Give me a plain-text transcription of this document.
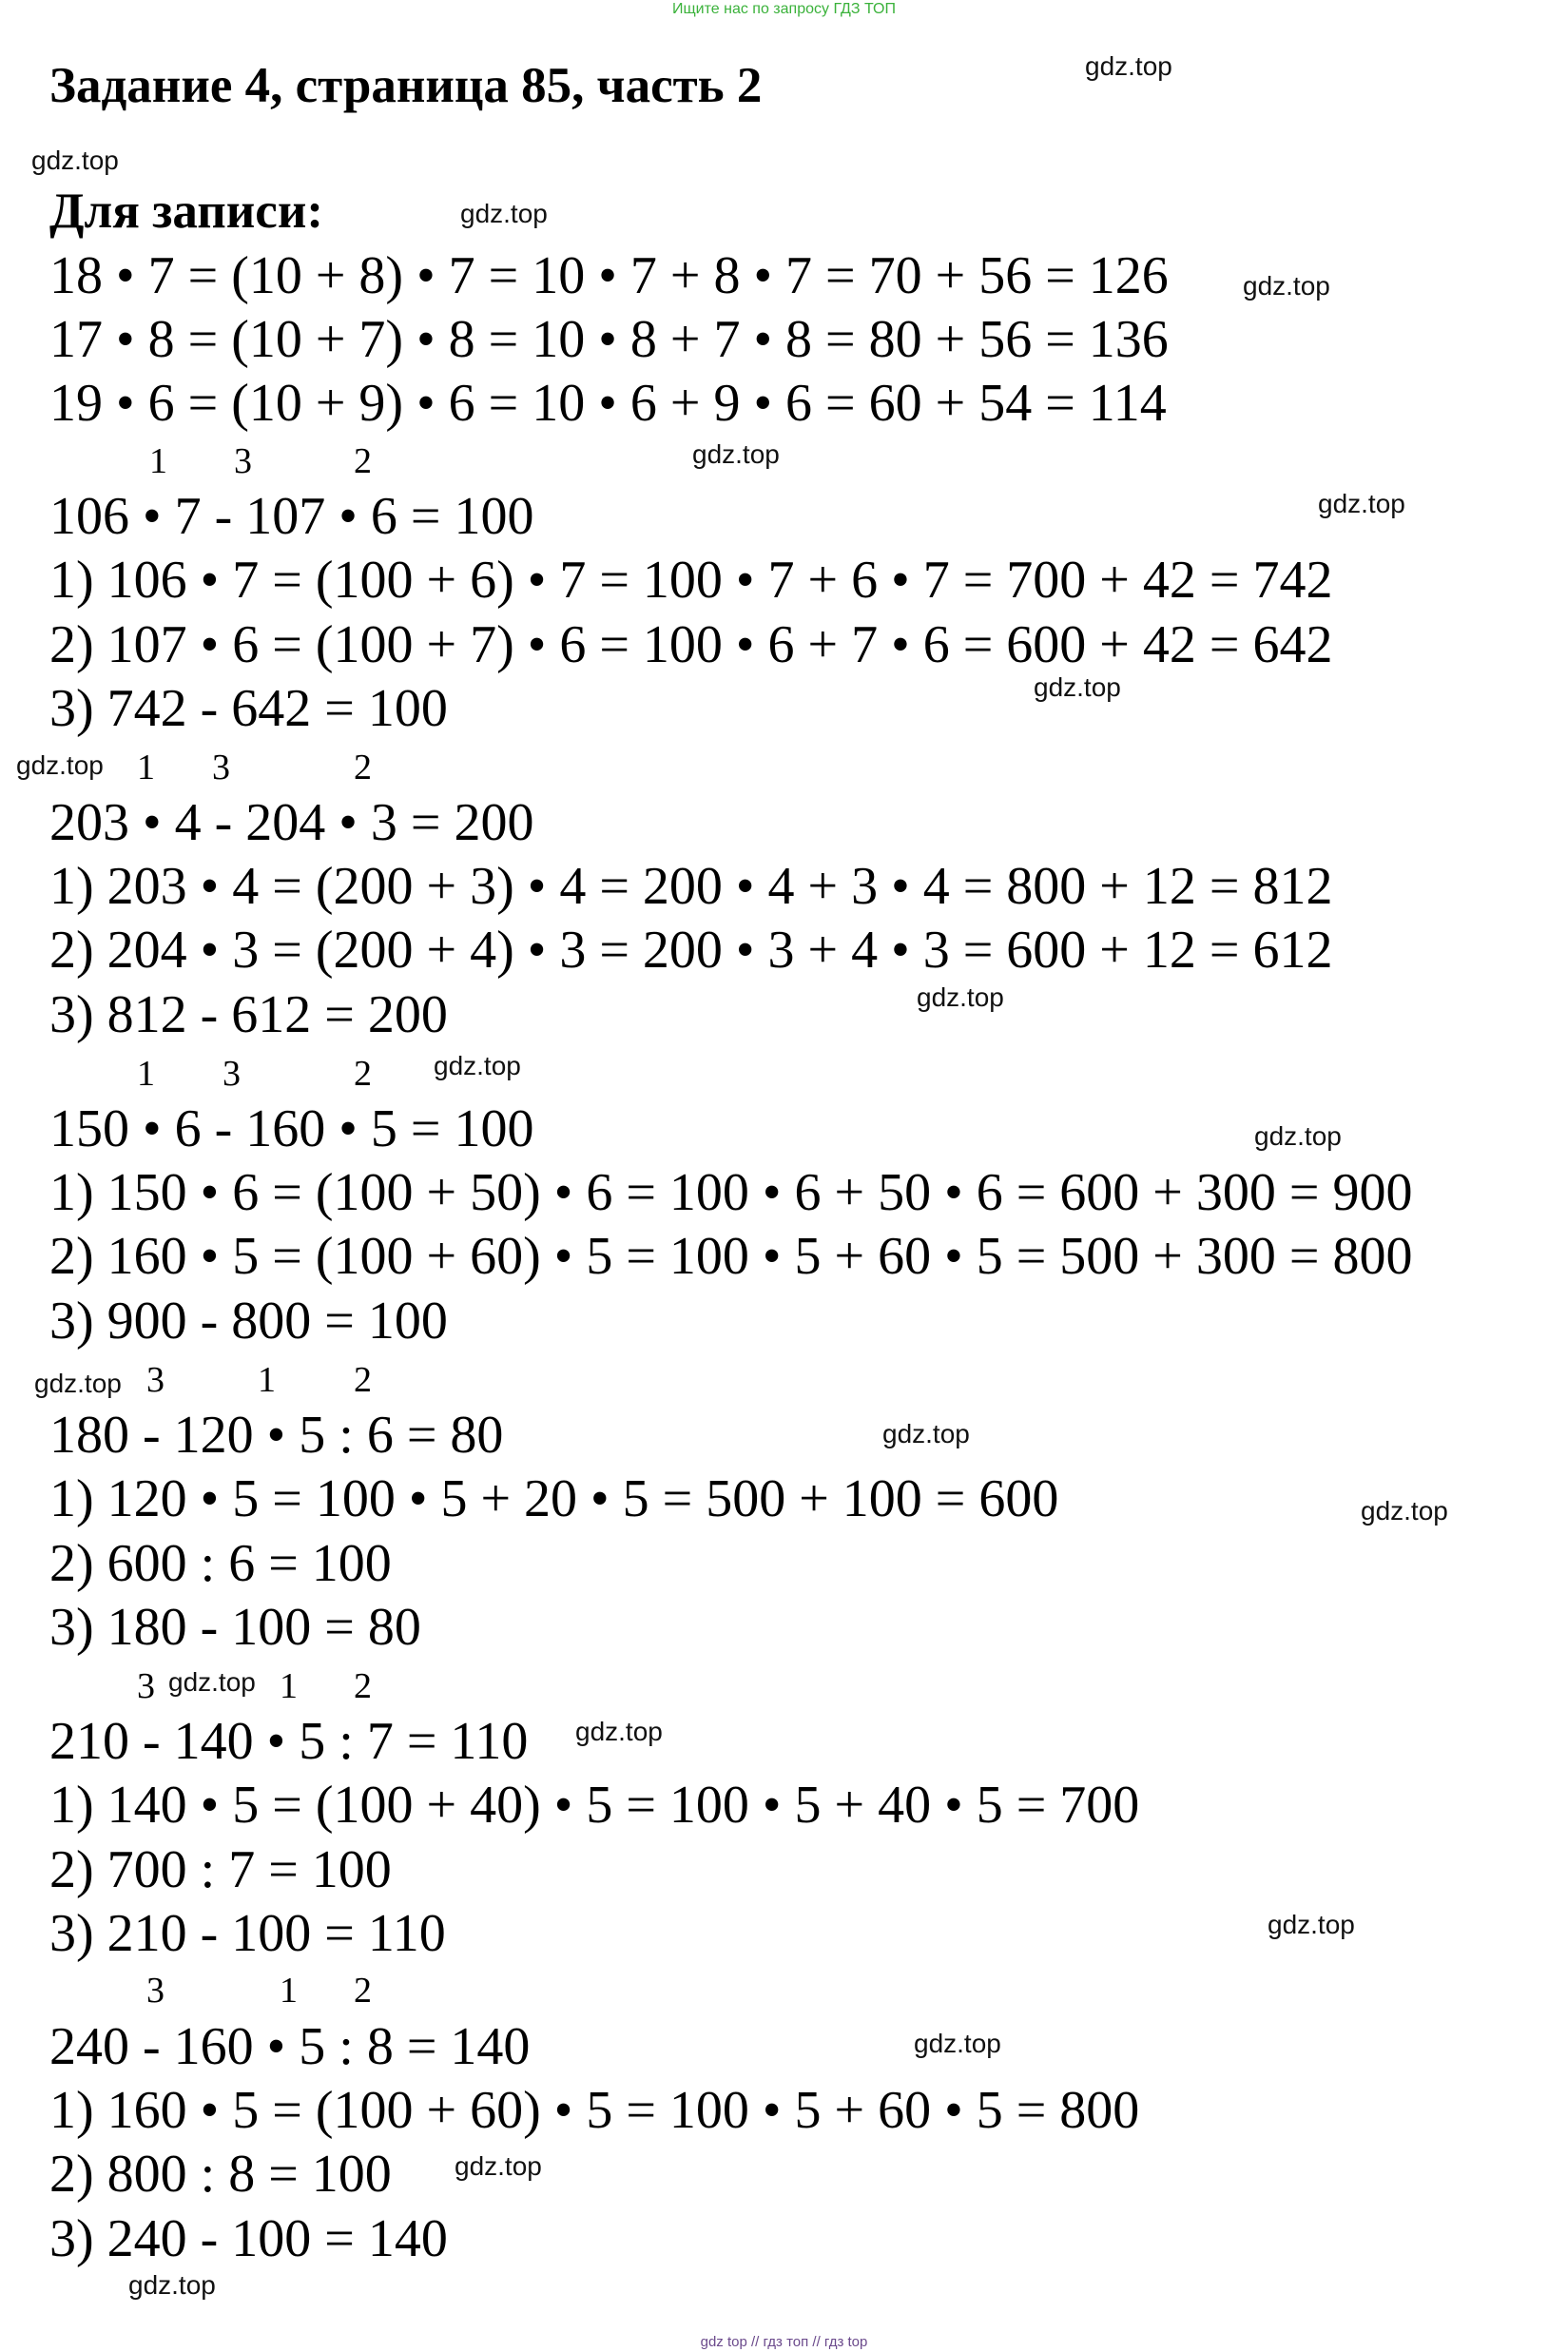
Ищите нас по запросу ГДЗ ТОП
Задание 4, страница 85, часть 2
Для записи:
18 • 7 = (10 + 8) • 7 = 10 • 7 + 8 • 7 = 70 + 56 = 126
17 • 8 = (10 + 7) • 8 = 10 • 8 + 7 • 8 = 80 + 56 = 136
19 • 6 = (10 + 9) • 6 = 10 • 6 + 9 • 6 = 60 + 54 = 114
1 3	2
106 • 7 - 107 • 6 = 100
1) 106 • 7 = (100 + 6) • 7 = 100 • 7 + 6 • 7 = 700 + 42 = 742
2) 107 • 6 = (100 + 7) • 6 = 100 • 6 + 7 • 6 = 600 + 42 = 642
3) 742 - 642 = 100
1 3	2
203 • 4 - 204 • 3 = 200
1) 203 • 4 = (200 + 3) • 4 = 200 • 4 + 3 • 4 = 800 + 12 = 812
2) 204 • 3 = (200 + 4) • 3 = 200 • 3 + 4 • 3 = 600 + 12 = 612
3) 812 - 612 = 200
1 3	2
150 • 6 - 160 • 5 = 100
1) 150 • 6 = (100 + 50) • 6 = 100 • 6 + 50 • 6 = 600 + 300 = 900
2) 160 • 5 = (100 + 60) • 5 = 100 • 5 + 60 • 5 = 500 + 300 = 800
3) 900 - 800 = 100
3	1 2
180 - 120 • 5 : 6 = 80
1) 120 • 5 = 100 • 5 + 20 • 5 = 500 + 100 = 600
2) 600 : 6 = 100
3) 180 - 100 = 80
3	1 2
210 - 140 • 5 : 7 = 110
1) 140 • 5 = (100 + 40) • 5 = 100 • 5 + 40 • 5 = 700
2) 700 : 7 = 100
3) 210 - 100 = 110
3	1 2
240 - 160 • 5 : 8 = 140
1) 160 • 5 = (100 + 60) • 5 = 100 • 5 + 60 • 5 = 800
2) 800 : 8 = 100
3) 240 - 100 = 140
gdz.top
gdz.top
gdz.top
gdz.top
gdz.top
gdz.top
gdz.top
gdz.top
gdz.top
gdz.top
gdz.top
gdz.top
gdz.top
gdz.top
gdz.top
gdz.top
gdz.top
gdz.top
gdz.top
gdz.top
gdz top // гдз топ // гдз top
